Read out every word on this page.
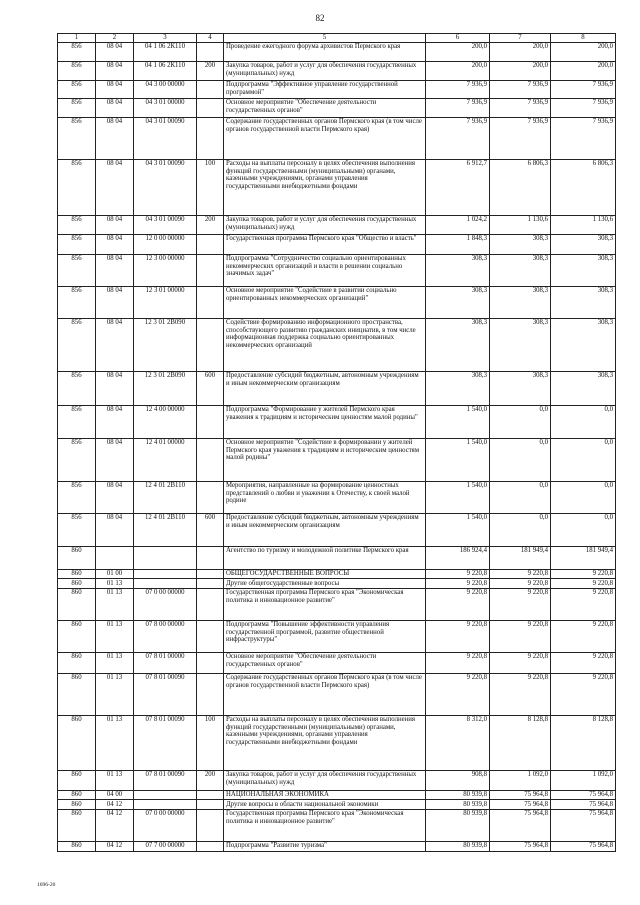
82
1	2	3	4	5	6	7	8
856	08 04	04 1 06 2К110		Проведение ежегодного форума архивистов Пермского края	200,0	200,0	200,0
856	08 04	04 1 06 2К110	200	Закупка товаров, работ и услуг для обеспечения государственных (муниципальных) нужд	200,0	200,0	200,0
856	08 04	04 3 00 00000		Подпрограмма "Эффективное управление государственной программой"	7 936,9	7 936,9	7 936,9
856	08 04	04 3 01 00000		Основное мероприятие "Обеспечение деятельности государственных органов"	7 936,9	7 936,9	7 936,9
856	08 04	04 3 01 00090		Содержание государственных органов Пермского края (в том числе органов государственной власти Пермского края)	7 936,9	7 936,9	7 936,9
856	08 04	04 3 01 00090	100	Расходы на выплаты персоналу в целях обеспечения выполнения функций государственными (муниципальными) органами, казенными учреждениями, органами управления государственными внебюджетными фондами	6 912,7	6 806,3	6 806,3
856	08 04	04 3 01 00090	200	Закупка товаров, работ и услуг для обеспечения государственных (муниципальных) нужд	1 024,2	1 130,6	1 130,6
856	08 04	12 0 00 00000		Государственная программа Пермского края "Общество и власть"	1 848,3	308,3	308,3
856	08 04	12 3 00 00000		Подпрограмма "Сотрудничество социально ориентированных некоммерческих организаций и власти в решении социально значимых задач"	308,3	308,3	308,3
856	08 04	12 3 01 00000		Основное мероприятие "Содействие в развитии социально ориентированных некоммерческих организаций"	308,3	308,3	308,3
856	08 04	12 3 01 2В090		Содействие формированию информационного пространства, способствующего развитию гражданских инициатив, в том числе информационная поддержка социально ориентированных некоммерческих организаций	308,3	308,3	308,3
856	08 04	12 3 01 2В090	600	Предоставление субсидий бюджетным, автономным учреждениям и иным некоммерческим организациям	308,3	308,3	308,3
856	08 04	12 4 00 00000		Подпрограмма "Формирование у жителей Пермского края уважения к традициям и историческим ценностям малой родины"	1 540,0	0,0	0,0
856	08 04	12 4 01 00000		Основное мероприятие "Содействие в формировании у жителей Пермского края уважения к традициям и историческим ценностям малой родины"	1 540,0	0,0	0,0
856	08 04	12 4 01 2В110		Мероприятия, направленные на формирование ценностных представлений о любви и уважении к Отечеству, к своей малой родине	1 540,0	0,0	0,0
856	08 04	12 4 01 2В110	600	Предоставление субсидий бюджетным, автономным учреждениям и иным некоммерческим организациям	1 540,0	0,0	0,0
860				Агентство по туризму и молодежной политике Пермского края	186 924,4	181 949,4	181 949,4
860	01 00			ОБЩЕГОСУДАРСТВЕННЫЕ ВОПРОСЫ	9 220,8	9 220,8	9 220,8
860	01 13			Другие общегосударственные вопросы	9 220,8	9 220,8	9 220,8
860	01 13	07 0 00 00000		Государственная программа Пермского края "Экономическая политика и инновационное развитие"	9 220,8	9 220,8	9 220,8
860	01 13	07 8 00 00000		Подпрограмма "Повышение эффективности управления государственной программой, развитие общественной инфраструктуры"	9 220,8	9 220,8	9 220,8
860	01 13	07 8 01 00000		Основное мероприятие "Обеспечение деятельности государственных органов"	9 220,8	9 220,8	9 220,8
860	01 13	07 8 01 00090		Содержание государственных органов Пермского края (в том числе органов государственной власти Пермского края)	9 220,8	9 220,8	9 220,8
860	01 13	07 8 01 00090	100	Расходы на выплаты персоналу в целях обеспечения выполнения функций государственными (муниципальными) органами, казенными учреждениями, органами управления государственными внебюджетными фондами	8 312,0	8 128,8	8 128,8
860	01 13	07 8 01 00090	200	Закупка товаров, работ и услуг для обеспечения государственных (муниципальных) нужд	908,8	1 092,0	1 092,0
860	04 00			НАЦИОНАЛЬНАЯ ЭКОНОМИКА	80 939,8	75 964,8	75 964,8
860	04 12			Другие вопросы в области национальной экономики	80 939,8	75 964,8	75 964,8
860	04 12	07 0 00 00000		Государственная программа Пермского края "Экономическая политика и инновационное развитие"	80 939,8	75 964,8	75 964,8
860	04 12	07 7 00 00000		Подпрограмма "Развитие туризма"	80 939,8	75 964,8	75 964,8
1696-20
